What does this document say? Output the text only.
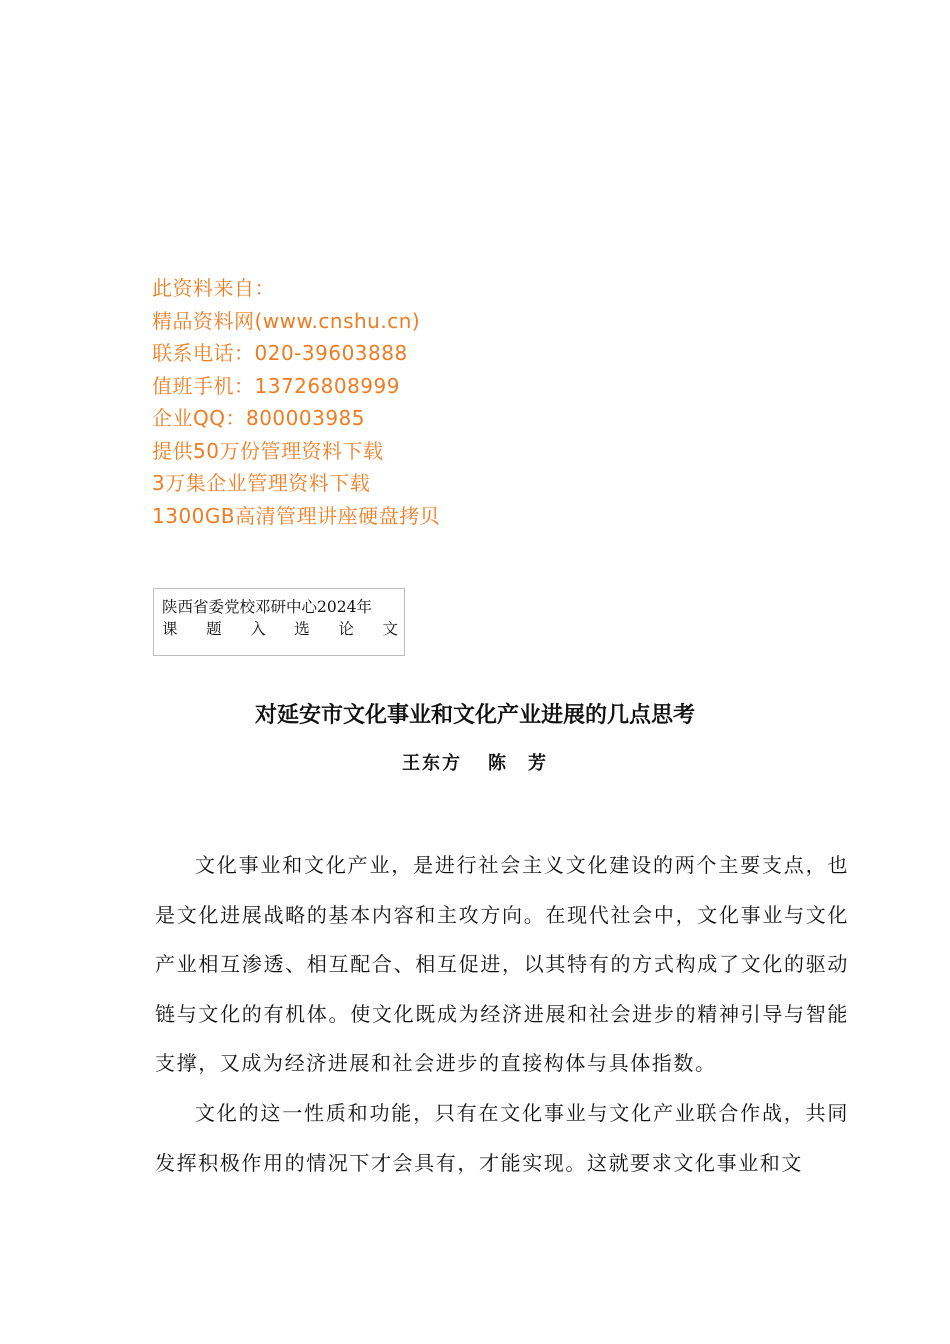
此资料来自：
精品资料网(www.cnshu.cn)
联系电话：020-39603888
值班手机：13726808999
企业QQ：800003985
提供50万份管理资料下载
3万集企业管理资料下载
1300GB高清管理讲座硬盘拷贝
陕西省委党校邓研中心2024年
课 题 入 选 论 文
对延安市文化事业和文化产业进展的几点思考
王东方 陈　芳

文化事业和文化产业，是进行社会主义文化建设的两个主要支点，也是文化进展战略的基本内容和主攻方向。在现代社会中，文化事业与文化产业相互渗透、相互配合、相互促进，以其特有的方式构成了文化的驱动链与文化的有机体。使文化既成为经济进展和社会进步的精神引导与智能支撑，又成为经济进展和社会进步的直接构体与具体指数。

文化的这一性质和功能，只有在文化事业与文化产业联合作战，共同发挥积极作用的情况下才会具有，才能实现。这就要求文化事业和文
